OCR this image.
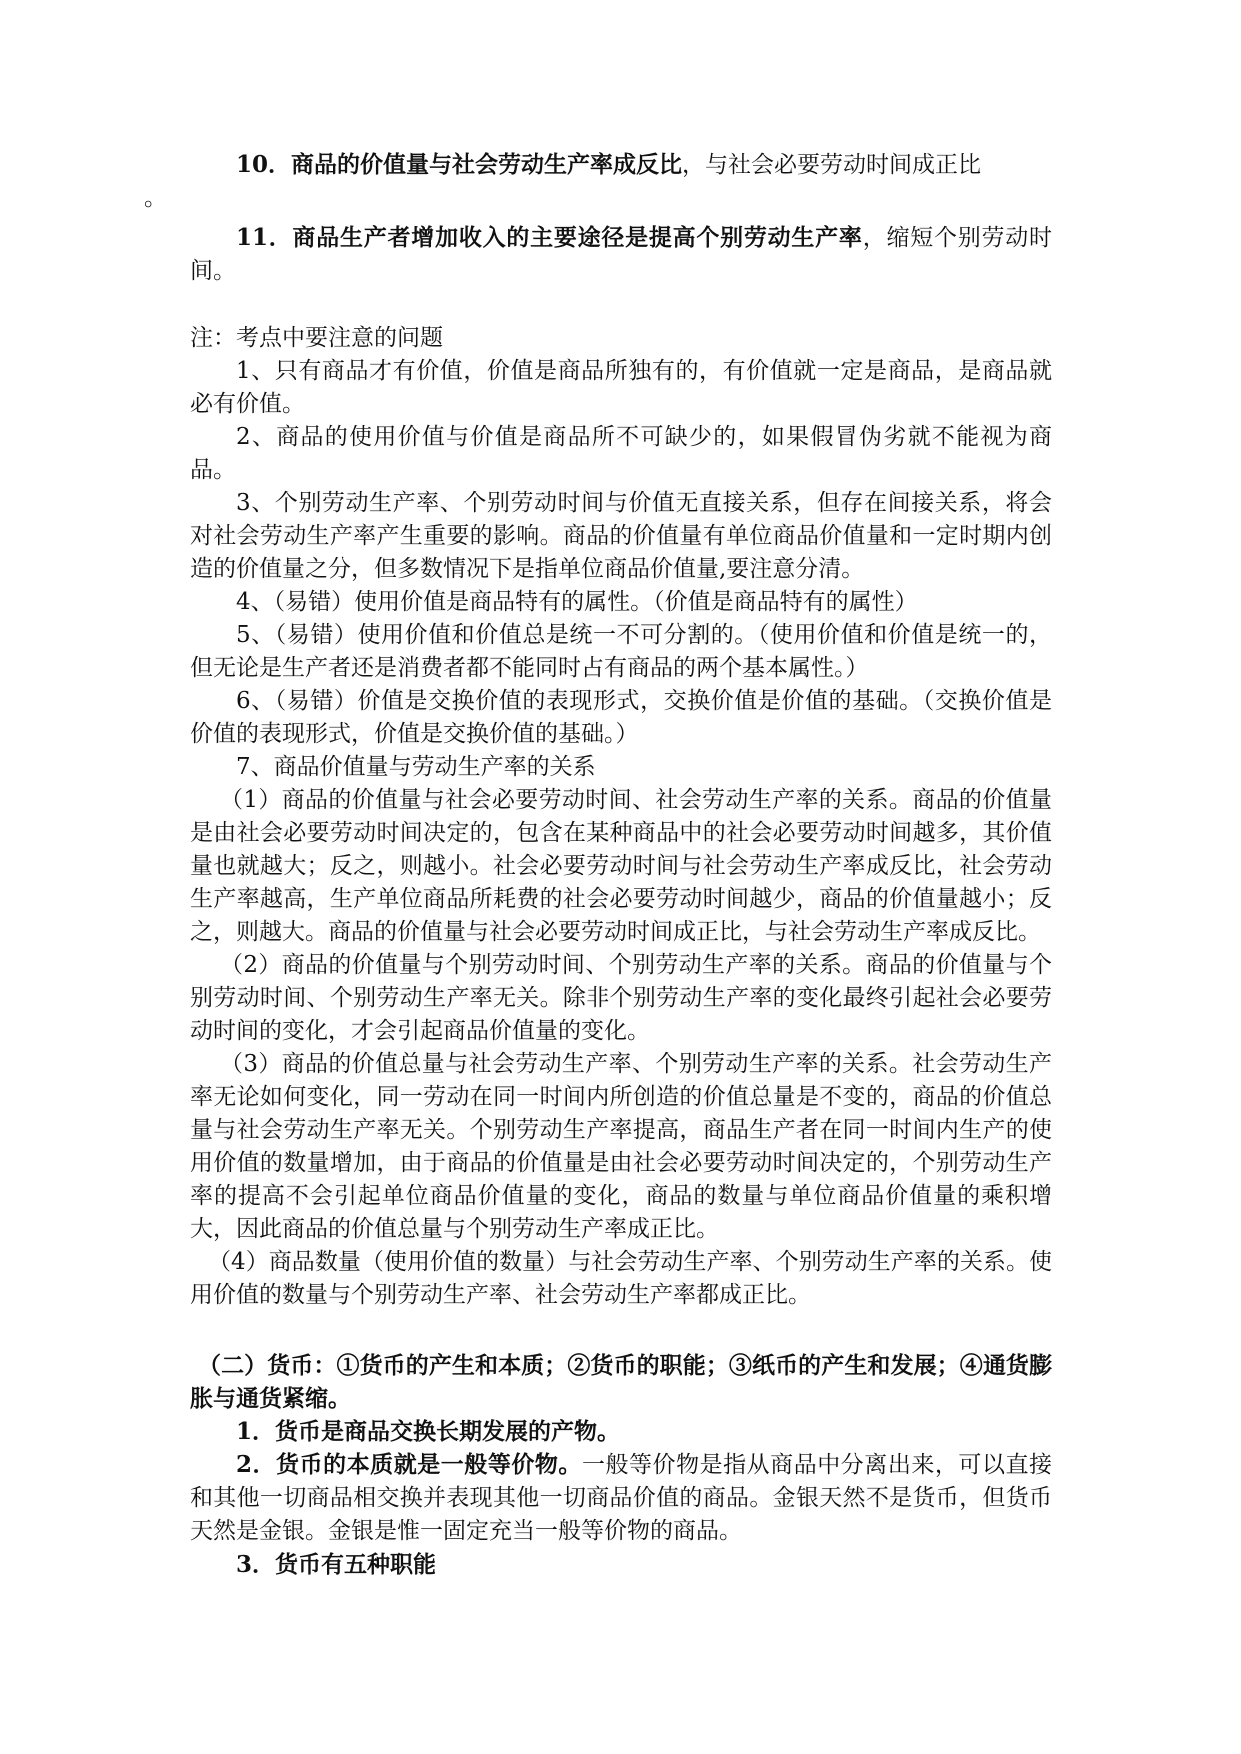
10．商品的价值量与社会劳动生产率成反比，与社会必要劳动时间成正比
。

11．商品生产者增加收入的主要途径是提高个别劳动生产率，缩短个别劳动时间。

注：考点中要注意的问题

1、只有商品才有价值，价值是商品所独有的，有价值就一定是商品，是商品就必有价值。

2、商品的使用价值与价值是商品所不可缺少的，如果假冒伪劣就不能视为商品。

3、个别劳动生产率、个别劳动时间与价值无直接关系，但存在间接关系，将会对社会劳动生产率产生重要的影响。商品的价值量有单位商品价值量和一定时期内创造的价值量之分，但多数情况下是指单位商品价值量,要注意分清。

4、（易错）使用价值是商品特有的属性。（价值是商品特有的属性）

5、（易错）使用价值和价值总是统一不可分割的。（使用价值和价值是统一的，但无论是生产者还是消费者都不能同时占有商品的两个基本属性。）

6、（易错）价值是交换价值的表现形式，交换价值是价值的基础。（交换价值是价值的表现形式，价值是交换价值的基础。）

7、商品价值量与劳动生产率的关系

（1）商品的价值量与社会必要劳动时间、社会劳动生产率的关系。商品的价值量是由社会必要劳动时间决定的，包含在某种商品中的社会必要劳动时间越多，其价值量也就越大；反之，则越小。社会必要劳动时间与社会劳动生产率成反比，社会劳动生产率越高，生产单位商品所耗费的社会必要劳动时间越少，商品的价值量越小；反之，则越大。商品的价值量与社会必要劳动时间成正比，与社会劳动生产率成反比。

（2）商品的价值量与个别劳动时间、个别劳动生产率的关系。商品的价值量与个别劳动时间、个别劳动生产率无关。除非个别劳动生产率的变化最终引起社会必要劳动时间的变化，才会引起商品价值量的变化。

（3）商品的价值总量与社会劳动生产率、个别劳动生产率的关系。社会劳动生产率无论如何变化，同一劳动在同一时间内所创造的价值总量是不变的，商品的价值总量与社会劳动生产率无关。个别劳动生产率提高，商品生产者在同一时间内生产的使用价值的数量增加，由于商品的价值量是由社会必要劳动时间决定的，个别劳动生产率的提高不会引起单位商品价值量的变化，商品的数量与单位商品价值量的乘积增大，因此商品的价值总量与个别劳动生产率成正比。

（4）商品数量（使用价值的数量）与社会劳动生产率、个别劳动生产率的关系。使用价值的数量与个别劳动生产率、社会劳动生产率都成正比。

（二）货币：①货币的产生和本质；②货币的职能；③纸币的产生和发展；④通货膨胀与通货紧缩。

1．货币是商品交换长期发展的产物。

2．货币的本质就是一般等价物。一般等价物是指从商品中分离出来，可以直接和其他一切商品相交换并表现其他一切商品价值的商品。金银天然不是货币，但货币天然是金银。金银是惟一固定充当一般等价物的商品。

3．货币有五种职能
